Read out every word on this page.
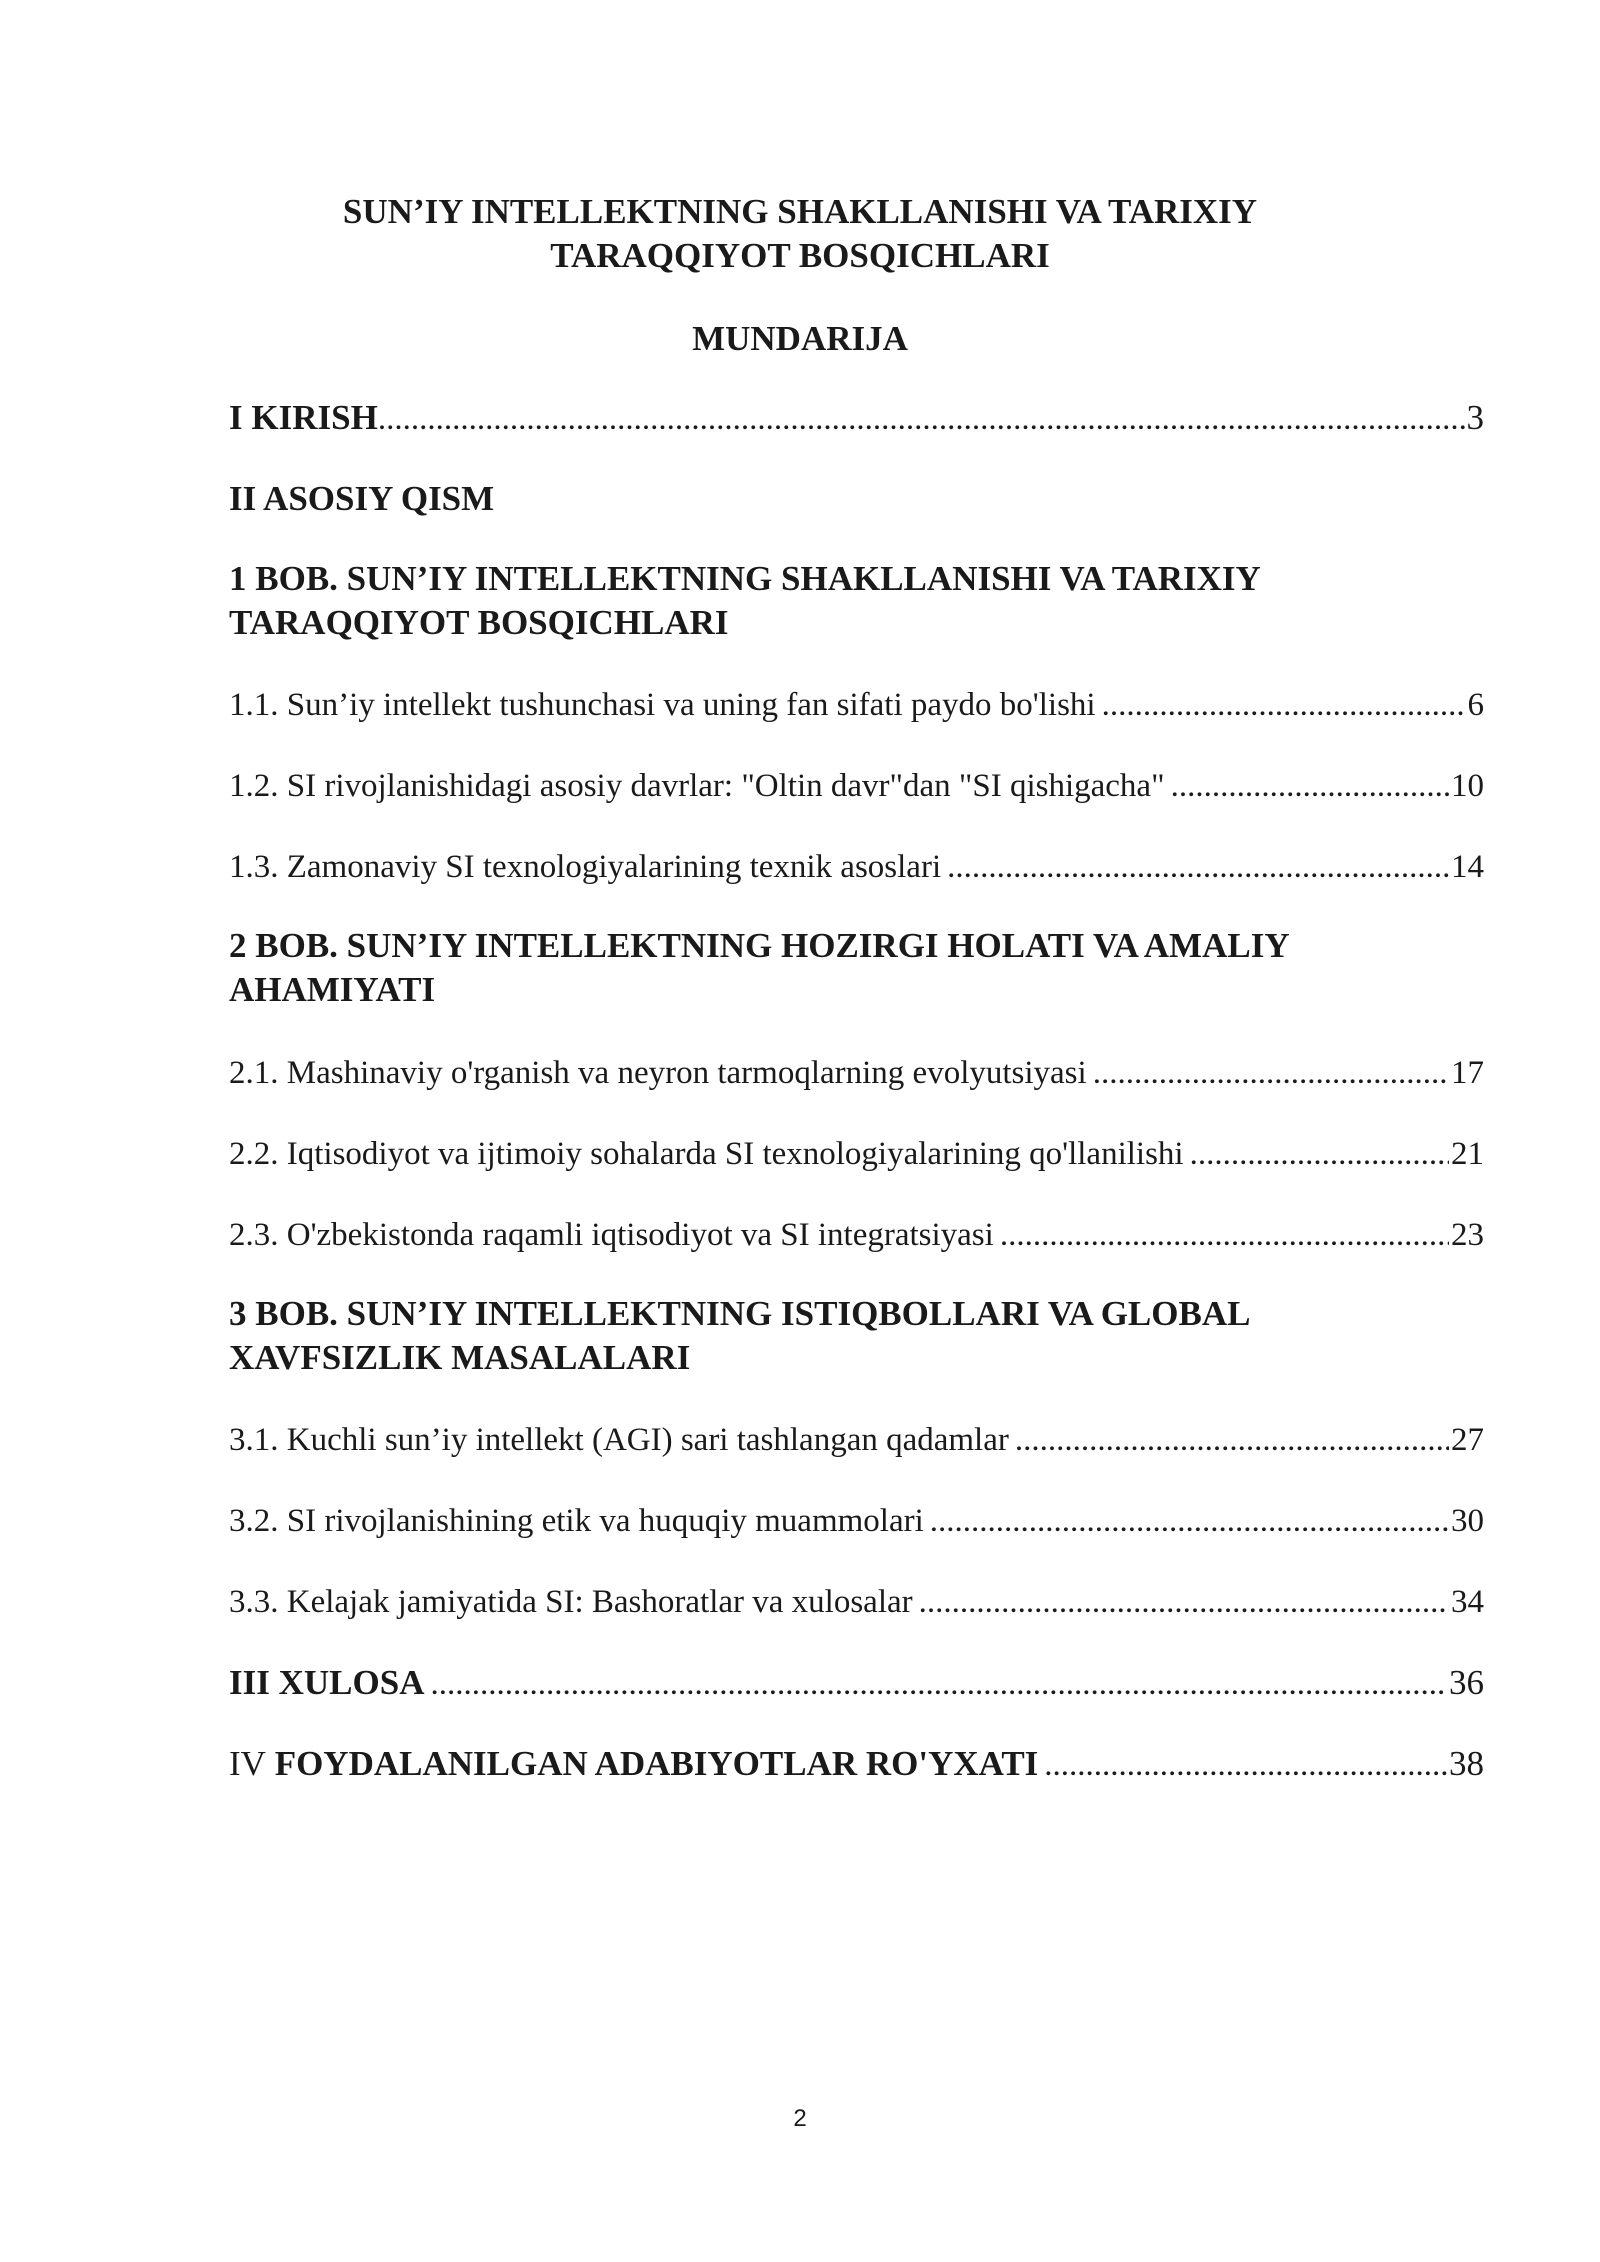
SUN’IY INTELLEKTNING SHAKLLANISHI VA TARIXIY
TARAQQIYOT BOSQICHLARI
MUNDARIJA
I KIRISH .....	3
II ASOSIY QISM
1 BOB. SUN’IY INTELLEKTNING SHAKLLANISHI VA TARIXIY
TARAQQIYOT BOSQICHLARI
1.1. Sun’iy intellekt tushunchasi va uning fan sifati paydo bo'lishi .....	6
1.2. SI rivojlanishidagi asosiy davrlar: "Oltin davr"dan "SI qishigacha" .....	10
1.3. Zamonaviy SI texnologiyalarining texnik asoslari .....	14
2 BOB. SUN’IY INTELLEKTNING HOZIRGI HOLATI VA AMALIY
AHAMIYATI
2.1. Mashinaviy o'rganish va neyron tarmoqlarning evolyutsiyasi .....	17
2.2. Iqtisodiyot va ijtimoiy sohalarda SI texnologiyalarining qo'llanilishi .....	21
2.3. O'zbekistonda raqamli iqtisodiyot va SI integratsiyasi .....	23
3 BOB. SUN’IY INTELLEKTNING ISTIQBOLLARI VA GLOBAL
XAVFSIZLIK MASALALARI
3.1. Kuchli sun’iy intellekt (AGI) sari tashlangan qadamlar .....	27
3.2. SI rivojlanishining etik va huquqiy muammolari .....	30
3.3. Kelajak jamiyatida SI: Bashoratlar va xulosalar .....	34
III XULOSA .....	36
IV FOYDALANILGAN ADABIYOTLAR RO'YXATI .....	38
2
